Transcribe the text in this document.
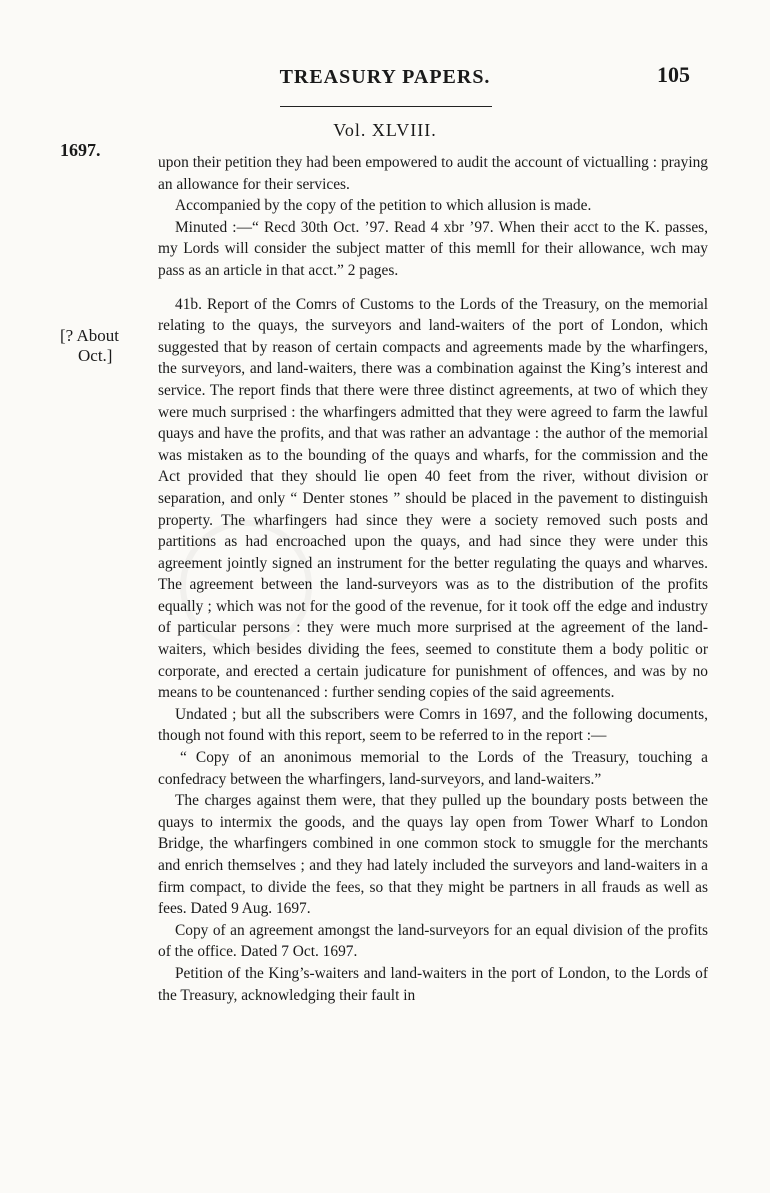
TREASURY PAPERS.	105
Vol. XLVIII.
1697.
[? About
Oct.]

upon their petition they had been empowered to audit the account of victualling : praying an allowance for their services.

Accompanied by the copy of the petition to which allusion is made.

Minuted :—“ Recd 30th Oct. ’97. Read 4 xbr ’97. When their acct to the K. passes, my Lords will consider the subject matter of this memll for their allowance, wch may pass as an article in that acct.” 2 pages.

41b. Report of the Comrs of Customs to the Lords of the Treasury, on the memorial relating to the quays, the surveyors and land-waiters of the port of London, which suggested that by reason of certain compacts and agreements made by the wharfingers, the surveyors, and land-waiters, there was a combination against the King’s interest and service. The report finds that there were three distinct agreements, at two of which they were much surprised : the wharfingers admitted that they were agreed to farm the lawful quays and have the profits, and that was rather an advantage : the author of the memorial was mistaken as to the bounding of the quays and wharfs, for the commission and the Act provided that they should lie open 40 feet from the river, without division or separation, and only “ Denter stones ” should be placed in the pavement to distinguish property. The wharfingers had since they were a society removed such posts and partitions as had encroached upon the quays, and had since they were under this agreement jointly signed an instrument for the better regulating the quays and wharves. The agreement between the land-surveyors was as to the distribution of the profits equally ; which was not for the good of the revenue, for it took off the edge and industry of particular persons : they were much more surprised at the agreement of the land-waiters, which besides dividing the fees, seemed to constitute them a body politic or corporate, and erected a certain judicature for punishment of offences, and was by no means to be countenanced : further sending copies of the said agreements.

Undated ; but all the subscribers were Comrs in 1697, and the following documents, though not found with this report, seem to be referred to in the report :—

“ Copy of an anonimous memorial to the Lords of the Treasury, touching a confedracy between the wharfingers, land-surveyors, and land-waiters.”

The charges against them were, that they pulled up the boundary posts between the quays to intermix the goods, and the quays lay open from Tower Wharf to London Bridge, the wharfingers combined in one common stock to smuggle for the merchants and enrich themselves ; and they had lately included the surveyors and land-waiters in a firm compact, to divide the fees, so that they might be partners in all frauds as well as fees. Dated 9 Aug. 1697.

Copy of an agreement amongst the land-surveyors for an equal division of the profits of the office. Dated 7 Oct. 1697.

Petition of the King’s-waiters and land-waiters in the port of London, to the Lords of the Treasury, acknowledging their fault in
